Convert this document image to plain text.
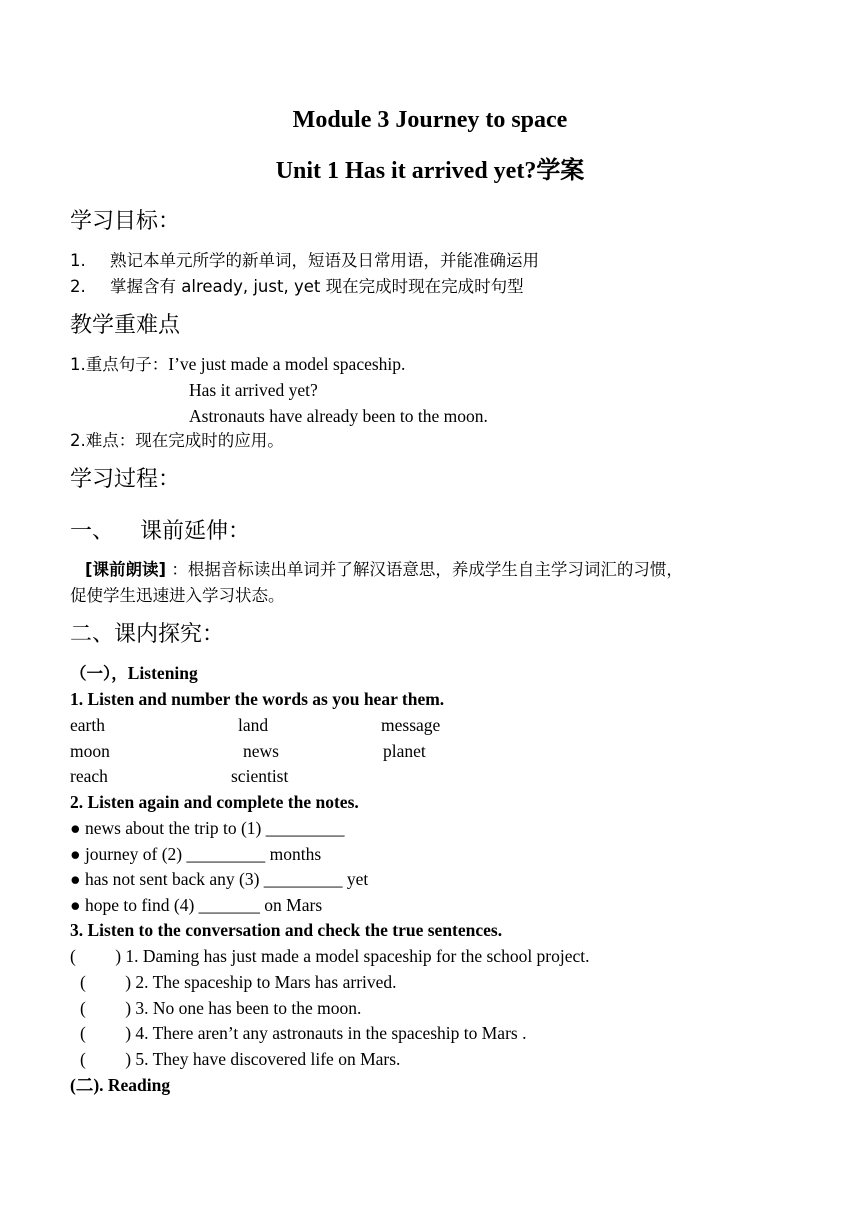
Module 3 Journey to space
Unit 1 Has it arrived yet?学案
学习目标：
1. 熟记本单元所学的新单词，短语及日常用语，并能准确运用
2. 掌握含有 already, just, yet 现在完成时现在完成时句型
教学重难点
1.重点句子：I’ve just made a model spaceship.
Has it arrived yet?
Astronauts have already been to the moon.
2.难点：现在完成时的应用。
学习过程：
一、 课前延伸：
[课前朗读] ：根据音标读出单词并了解汉语意思，养成学生自主学习词汇的习惯，
促使学生迅速进入学习状态。
二、课内探究：
（一），Listening
1. Listen and number the words as you hear them.
earth	land	message
moon	news	planet
reach	scientist
2. Listen again and complete the notes.
● news about the trip to (1) _________
● journey of (2) _________ months
● has not sent back any (3) _________ yet
● hope to find (4) _______ on Mars
3. Listen to the conversation and check the true sentences.
(         ) 1. Daming has just made a model spaceship for the school project.
(         ) 2. The spaceship to Mars has arrived.
(         ) 3. No one has been to the moon.
(         ) 4. There aren’t any astronauts in the spaceship to Mars .
(         ) 5. They have discovered life on Mars.
(二). Reading
